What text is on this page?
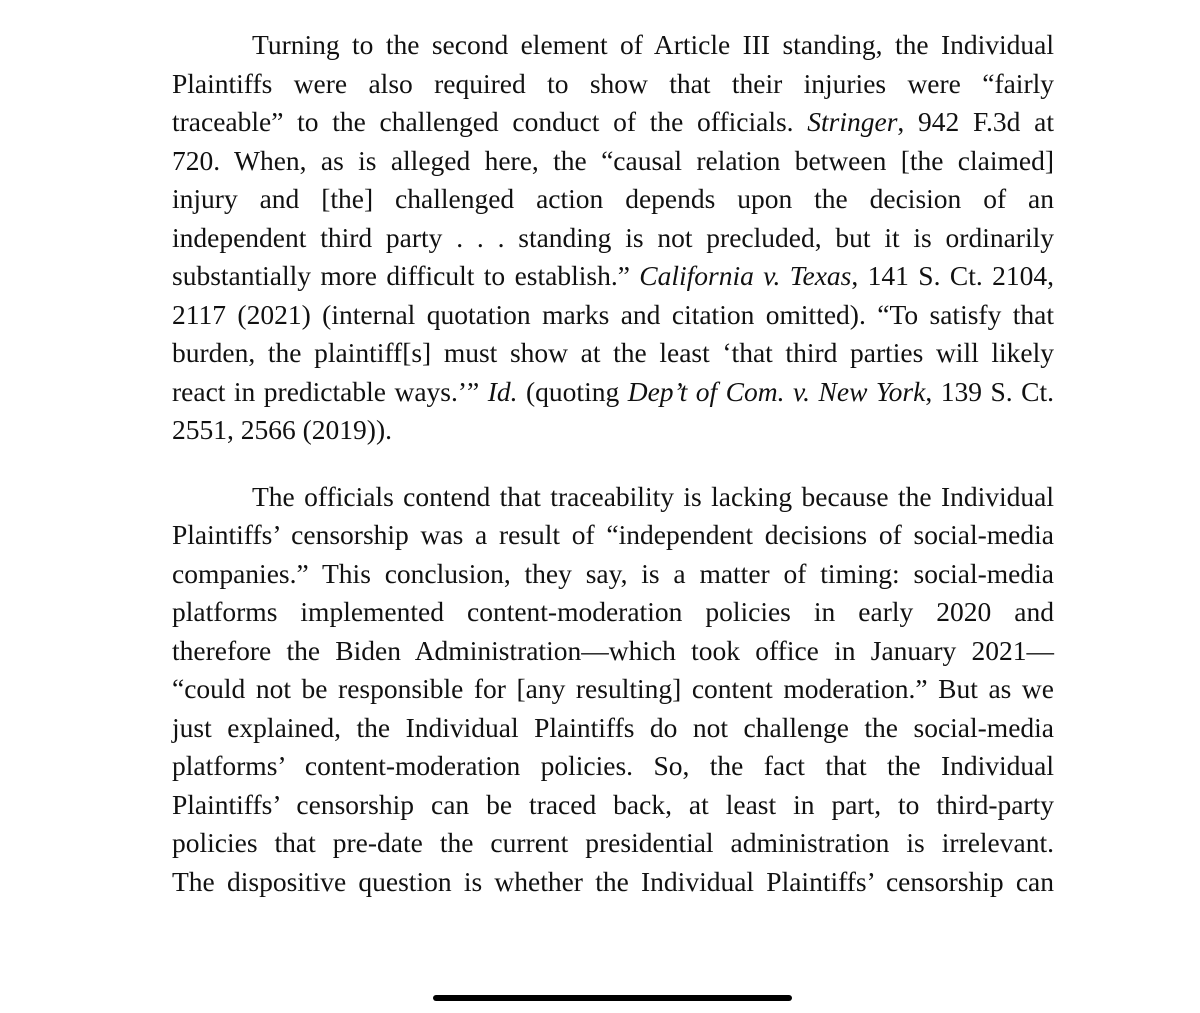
Turning to the second element of Article III standing, the Individual
Plaintiffs were also required to show that their injuries were “fairly
traceable” to the challenged conduct of the officials. Stringer, 942 F.3d at
720. When, as is alleged here, the “causal relation between [the claimed]
injury and [the] challenged action depends upon the decision of an
independent third party . . . standing is not precluded, but it is ordinarily
substantially more difficult to establish.” California v. Texas, 141 S. Ct. 2104,
2117 (2021) (internal quotation marks and citation omitted). “To satisfy that
burden, the plaintiff[s] must show at the least ‘that third parties will likely
react in predictable ways.’” Id. (quoting Dep’t of Com. v. New York, 139 S. Ct.
2551, 2566 (2019)).
The officials contend that traceability is lacking because the Individual
Plaintiffs’ censorship was a result of “independent decisions of social-media
companies.” This conclusion, they say, is a matter of timing: social-media
platforms implemented content-moderation policies in early 2020 and
therefore the Biden Administration—which took office in January 2021—
“could not be responsible for [any resulting] content moderation.” But as we
just explained, the Individual Plaintiffs do not challenge the social-media
platforms’ content-moderation policies. So, the fact that the Individual
Plaintiffs’ censorship can be traced back, at least in part, to third-party
policies that pre-date the current presidential administration is irrelevant.
The dispositive question is whether the Individual Plaintiffs’ censorship can
